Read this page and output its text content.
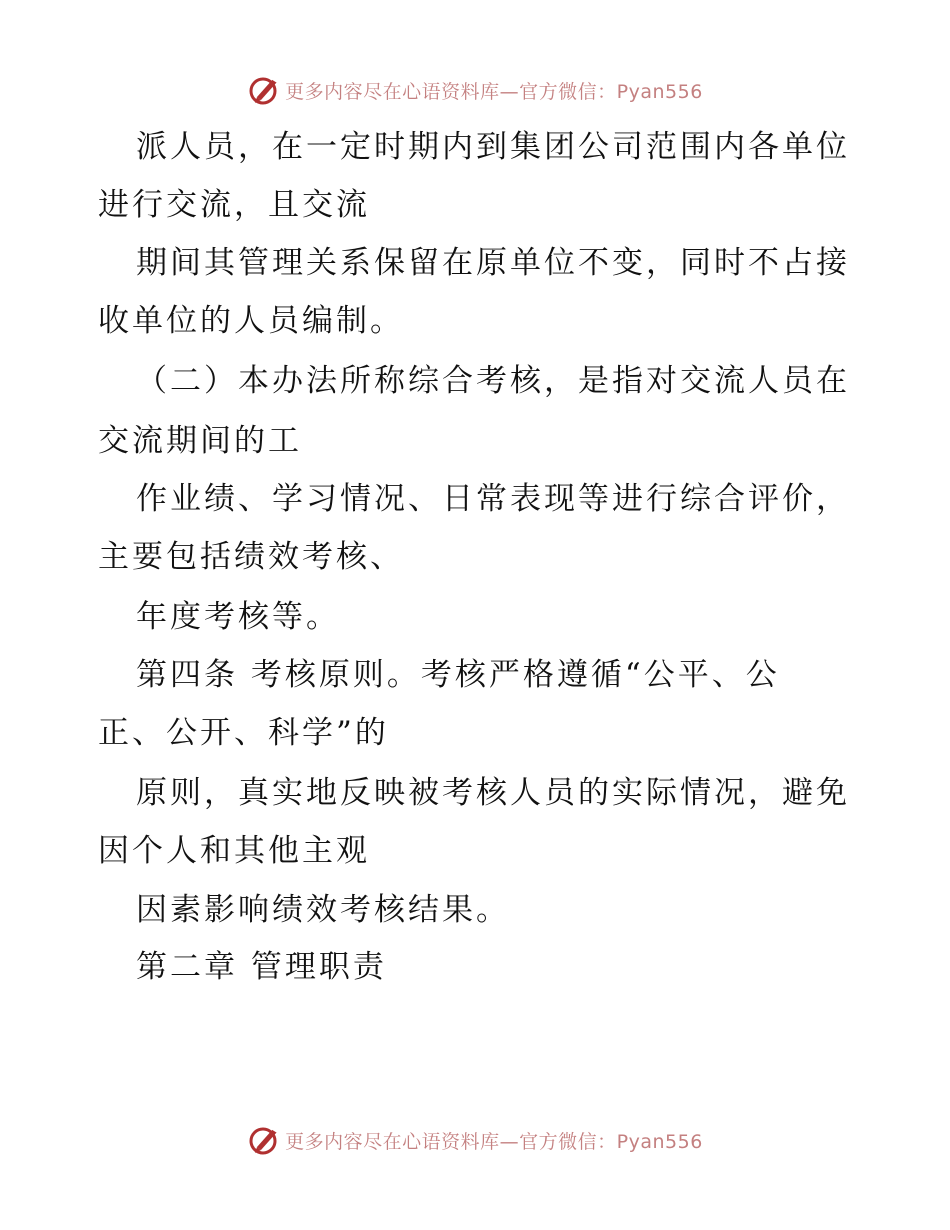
更多内容尽在心语资料库—官方微信：Pyan556
派人员，在一定时期内到集团公司范围内各单位
进行交流，且交流
期间其管理关系保留在原单位不变，同时不占接
收单位的人员编制。
（二）本办法所称综合考核，是指对交流人员在
交流期间的工
作业绩、学习情况、日常表现等进行综合评价，
主要包括绩效考核、
年度考核等。
第四条 考核原则。考核严格遵循“公平、公
正、公开、科学”的
原则，真实地反映被考核人员的实际情况，避免
因个人和其他主观
因素影响绩效考核结果。
第二章 管理职责
更多内容尽在心语资料库—官方微信：Pyan556
